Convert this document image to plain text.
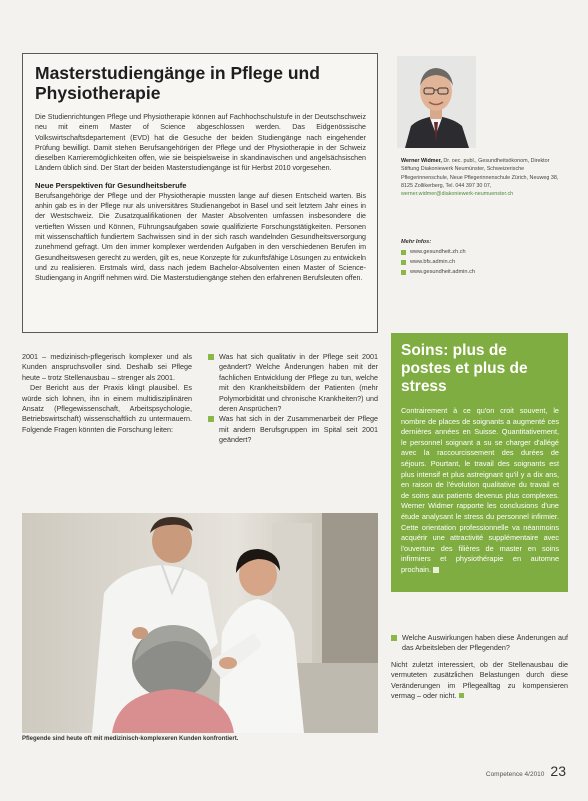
Masterstudiengänge in Pflege und Physiotherapie

Die Studienrichtungen Pflege und Physiotherapie können auf Fachhochschulstufe in der Deutschschweiz neu mit einem Master of Science abgeschlossen werden. Das Eidgenössische Volkswirtschaftsdepartement (EVD) hat die Gesuche der beiden Studiengänge nach eingehender Prüfung bewilligt. Damit stehen Berufsangehörigen der Pflege und der Physiotherapie in der Schweiz dieselben Karrieremöglichkeiten offen, wie sie beispielsweise in skandinavischen und angelsächsischen Ländern üblich sind. Der Start der beiden Masterstudiengänge ist für Herbst 2010 vorgesehen.

Neue Perspektiven für Gesundheitsberufe

Berufsangehörige der Pflege und der Physiotherapie mussten lange auf diesen Entscheid warten. Bis anhin gab es in der Pflege nur als universitäres Studienangebot in Basel und seit letztem Jahr eines in der Westschweiz. Die Zusatzqualifikationen der Master Absolventen umfassen insbesondere die vertieften Wissen und Können, Führungsaufgaben sowie qualifizierte Forschungstätigkeiten. Personen mit wissenschaftlich fundiertem Sachwissen sind in der sich rasch wandelnden Gesundheitsversorgung zunehmend gefragt. Um den immer komplexer werdenden Aufgaben in den verschiedenen Berufen im Gesundheitswesen gerecht zu werden, gilt es, neue Konzepte für zukunftsfähige Lösungen zu entwickeln und zu realisieren. Erstmals wird, dass nach jedem Bachelor-Absolventen einen Master of Science-Studiengang in Angriff nehmen wird. Die Masterstudiengänge stehen den erfahrenen Berufsleuten offen.

Werner Widmer, Dr. oec. publ., Gesundheitsökonom, Direktor Stiftung Diakoniewerk Neumünster, Schweizerische Pflegerinnenschule, Neue Pflegerinnenschule Zürich, Neuweg 38, 8125 Zollikerberg, Tel. 044 397 30 07,
werner.widmer@diakoniewerk-neumuenster.ch
Mehr Infos:
www.gesundheit.zh.ch
www.bfs.admin.ch
www.gesundheit.admin.ch
Soins: plus de postes et plus de stress

Contrairement à ce qu'on croit souvent, le nombre de places de soignants a augmenté ces dernières années en Suisse. Quantitativement, le personnel soignant a su se charger d'allégé avec la raccourcissement des durées de séjours. Pourtant, le travail des soignants est plus intensif et plus astreignant qu'il y a dix ans, en raison de l'évolution qualitative du travail et de soins aux patients devenus plus complexes. Werner Widmer rapporte les conclusions d'une étude analysant le stress du personnel infirmier. Cette orientation professionnelle va néanmoins acquérir une attractivité supplémentaire avec l'ouverture des filières de master en soins infirmiers et physiothérapie en automne prochain.

2001 – medizinisch-pflegerisch komplexer und als Kunden anspruchsvoller sind. Deshalb sei Pflege heute – trotz Stellenausbau – strenger als 2001.

Der Bericht aus der Praxis klingt plausibel. Es würde sich lohnen, ihn in einem multidisziplinären Ansatz (Pflegewissenschaft, Arbeitspsychologie, Betriebswirtschaft) wissenschaftlich zu untermauern. Folgende Fragen könnten die Forschung leiten:

Was hat sich qualitativ in der Pflege seit 2001 geändert? Welche Änderungen haben mit der fachlichen Entwicklung der Pflege zu tun, welche mit den Krankheitsbildern der Patienten (mehr Polymorbidität und chronische Krankheiten?) und deren Ansprüchen?

Was hat sich in der Zusammenarbeit der Pflege mit andern Berufsgruppen im Spital seit 2001 geändert?

Pflegende sind heute oft mit medizinisch-komplexeren Kunden konfrontiert.

Welche Auswirkungen haben diese Änderungen auf das Arbeitsleben der Pflegenden?

Nicht zuletzt interessiert, ob der Stellenausbau die vermuteten zusätzlichen Belastungen durch diese Veränderungen im Pflegealltag zu kompensieren vermag – oder nicht.

Competence 4/2010 23
